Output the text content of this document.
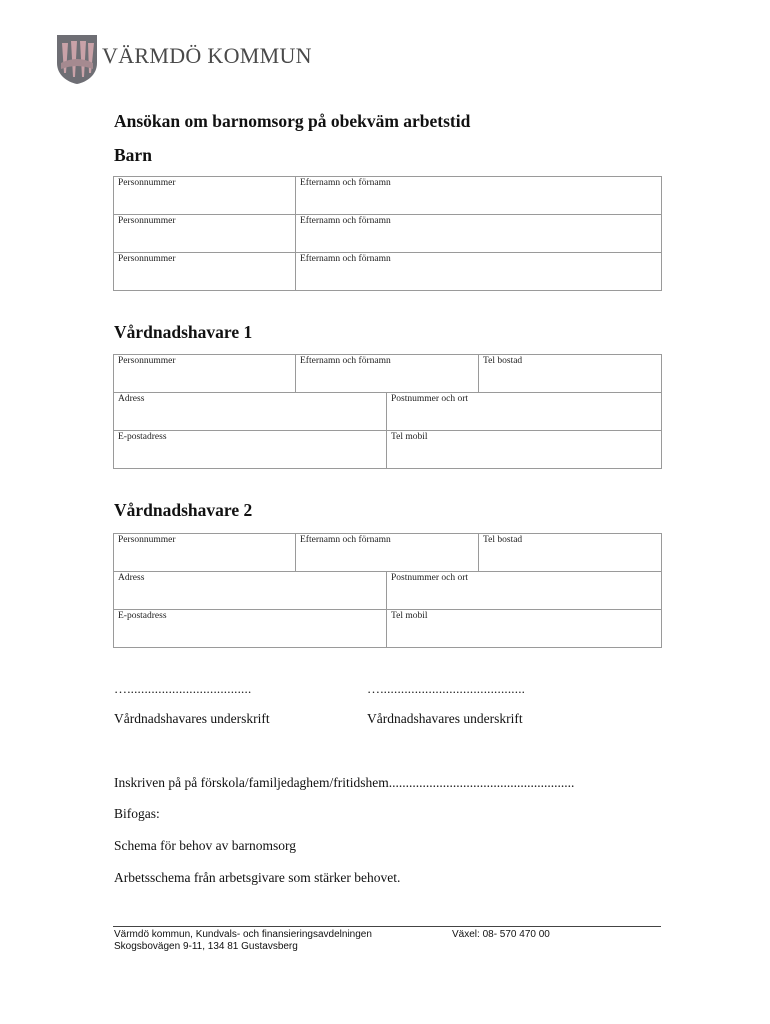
VÄRMDÖ KOMMUN
Ansökan om barnomsorg på obekväm arbetstid
Barn
Personnummer	Efternamn och förnamn
Personnummer	Efternamn och förnamn
Personnummer	Efternamn och förnamn
Vårdnadshavare 1
Personnummer	Efternamn och förnamn		Tel bostad
Adress		Postnummer och ort	
E-postadress		Tel mobil	
Vårdnadshavare 2
Personnummer	Efternamn och förnamn		Tel bostad
Adress		Postnummer och ort	
E-postadress		Tel mobil	
…....................................	…..........................................
Vårdnadshavares underskrift	Vårdnadshavares underskrift
Inskriven på på förskola/familjedaghem/fritidshem.......................................................
Bifogas:
Schema för behov av barnomsorg
Arbetsschema från arbetsgivare som stärker behovet.
Värmdö kommun, Kundvals- och finansieringsavdelningen
Skogsbovägen 9-11, 134 81 Gustavsberg
Växel: 08- 570 470 00
